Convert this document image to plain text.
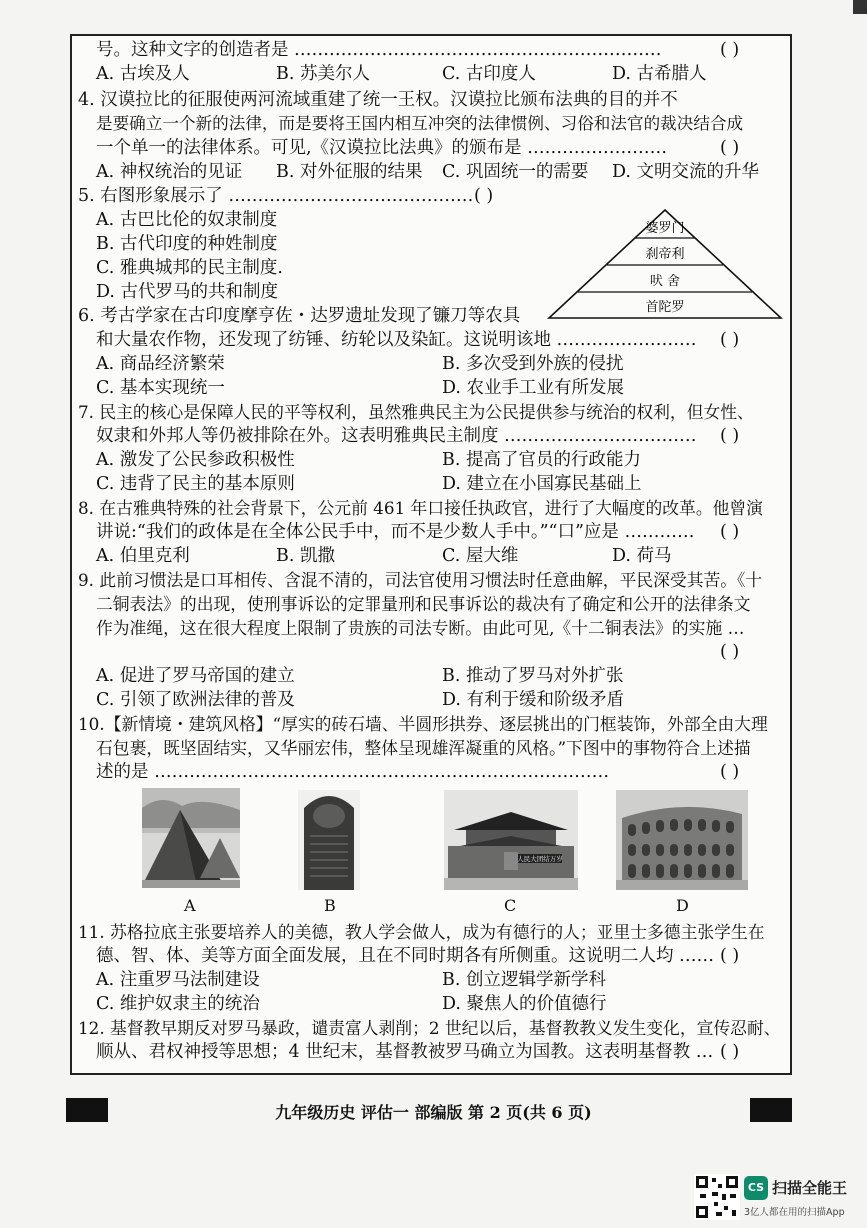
号。这种文字的创造者是 ………………………………………………………	( )
A. 古埃及人	B. 苏美尔人	C. 古印度人	D. 古希腊人
4. 汉谟拉比的征服使两河流域重建了统一王权。汉谟拉比颁布法典的目的并不
是要确立一个新的法律，而是要将王国内相互冲突的法律惯例、习俗和法官的裁决结合成
一个单一的法律体系。可见,《汉谟拉比法典》的颁布是 ……………………	( )
A. 神权统治的见证 B. 对外征服的结果 C. 巩固统一的需要 D. 文明交流的升华
5. 右图形象展示了 …………………………………… ( )
A. 古巴比伦的奴隶制度
B. 古代印度的种姓制度
C. 雅典城邦的民主制度.
D. 古代罗马的共和制度
婆罗门
刹帝利
吠 舍
首陀罗
6. 考古学家在古印度摩亨佐・达罗遗址发现了镰刀等农具
和大量农作物，还发现了纺锤、纺轮以及染缸。这说明该地 …………………… ( )
A. 商品经济繁荣	B. 多次受到外族的侵扰
C. 基本实现统一	D. 农业手工业有所发展
7. 民主的核心是保障人民的平等权利，虽然雅典民主为公民提供参与统治的权利，但女性、
奴隶和外邦人等仍被排除在外。这表明雅典民主制度 …………………………… ( )
A. 激发了公民参政积极性	B. 提高了官员的行政能力
C. 违背了民主的基本原则	D. 建立在小国寡民基础上
8. 在古雅典特殊的社会背景下，公元前 461 年口接任执政官，进行了大幅度的改革。他曾演
讲说:“我们的政体是在全体公民手中，而不是少数人手中。”“口”应是 ………… ( )
A. 伯里克利	B. 凯撒	C. 屋大维	D. 荷马
9. 此前习惯法是口耳相传、含混不清的，司法官使用习惯法时任意曲解，平民深受其苦。《十
二铜表法》的出现，使刑事诉讼的定罪量刑和民事诉讼的裁决有了确定和公开的法律条文
作为准绳，这在很大程度上限制了贵族的司法专断。由此可见,《十二铜表法》的实施 …
( )
A. 促进了罗马帝国的建立	B. 推动了罗马对外扩张
C. 引领了欧洲法律的普及	D. 有利于缓和阶级矛盾
10.【新情境・建筑风格】“厚实的砖石墙、半圆形拱券、逐层挑出的门框装饰，外部全由大理
石包裹，既坚固结实，又华丽宏伟，整体呈现雄浑凝重的风格。”下图中的事物符合上述描
述的是 ……………………………………………………………………	( )
A	B
人民大团结万岁
C	D
11. 苏格拉底主张要培养人的美德，教人学会做人，成为有德行的人；亚里士多德主张学生在
德、智、体、美等方面全面发展，且在不同时期各有所侧重。这说明二人均 …… ( )
A. 注重罗马法制建设	B. 创立逻辑学新学科
C. 维护奴隶主的统治	D. 聚焦人的价值德行
12. 基督教早期反对罗马暴政，谴责富人剥削；2 世纪以后，基督教教义发生变化，宣传忍耐、
顺从、君权神授等思想；4 世纪末，基督教被罗马确立为国教。这表明基督教 … ( )
九年级历史 评估一 部编版 第 2 页(共 6 页)
CS 扫描全能王
3亿人都在用的扫描App
